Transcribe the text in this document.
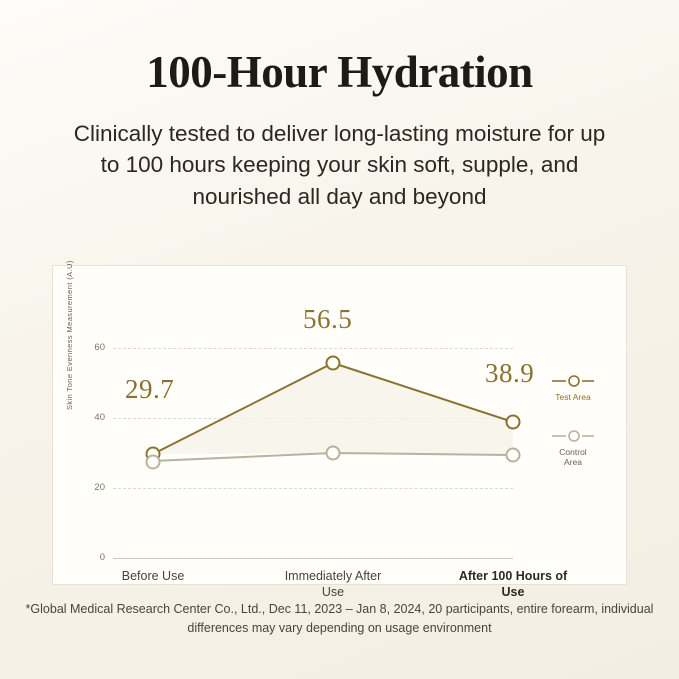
100-Hour Hydration

Clinically tested to deliver long-lasting moisture for up to 100 hours keeping your skin soft, supple, and nourished all day and beyond

Skin Tone Evenness Measurement (A.U)	60
40
20
0
29.7
56.5
38.9
Before Use	Immediately After Use
After 100 Hours of Use
Test Area
Control
Area
*Global Medical Research Center Co., Ltd., Dec 11, 2023 – Jan 8, 2024, 20 participants, entire forearm, individual differences may vary depending on usage environment
